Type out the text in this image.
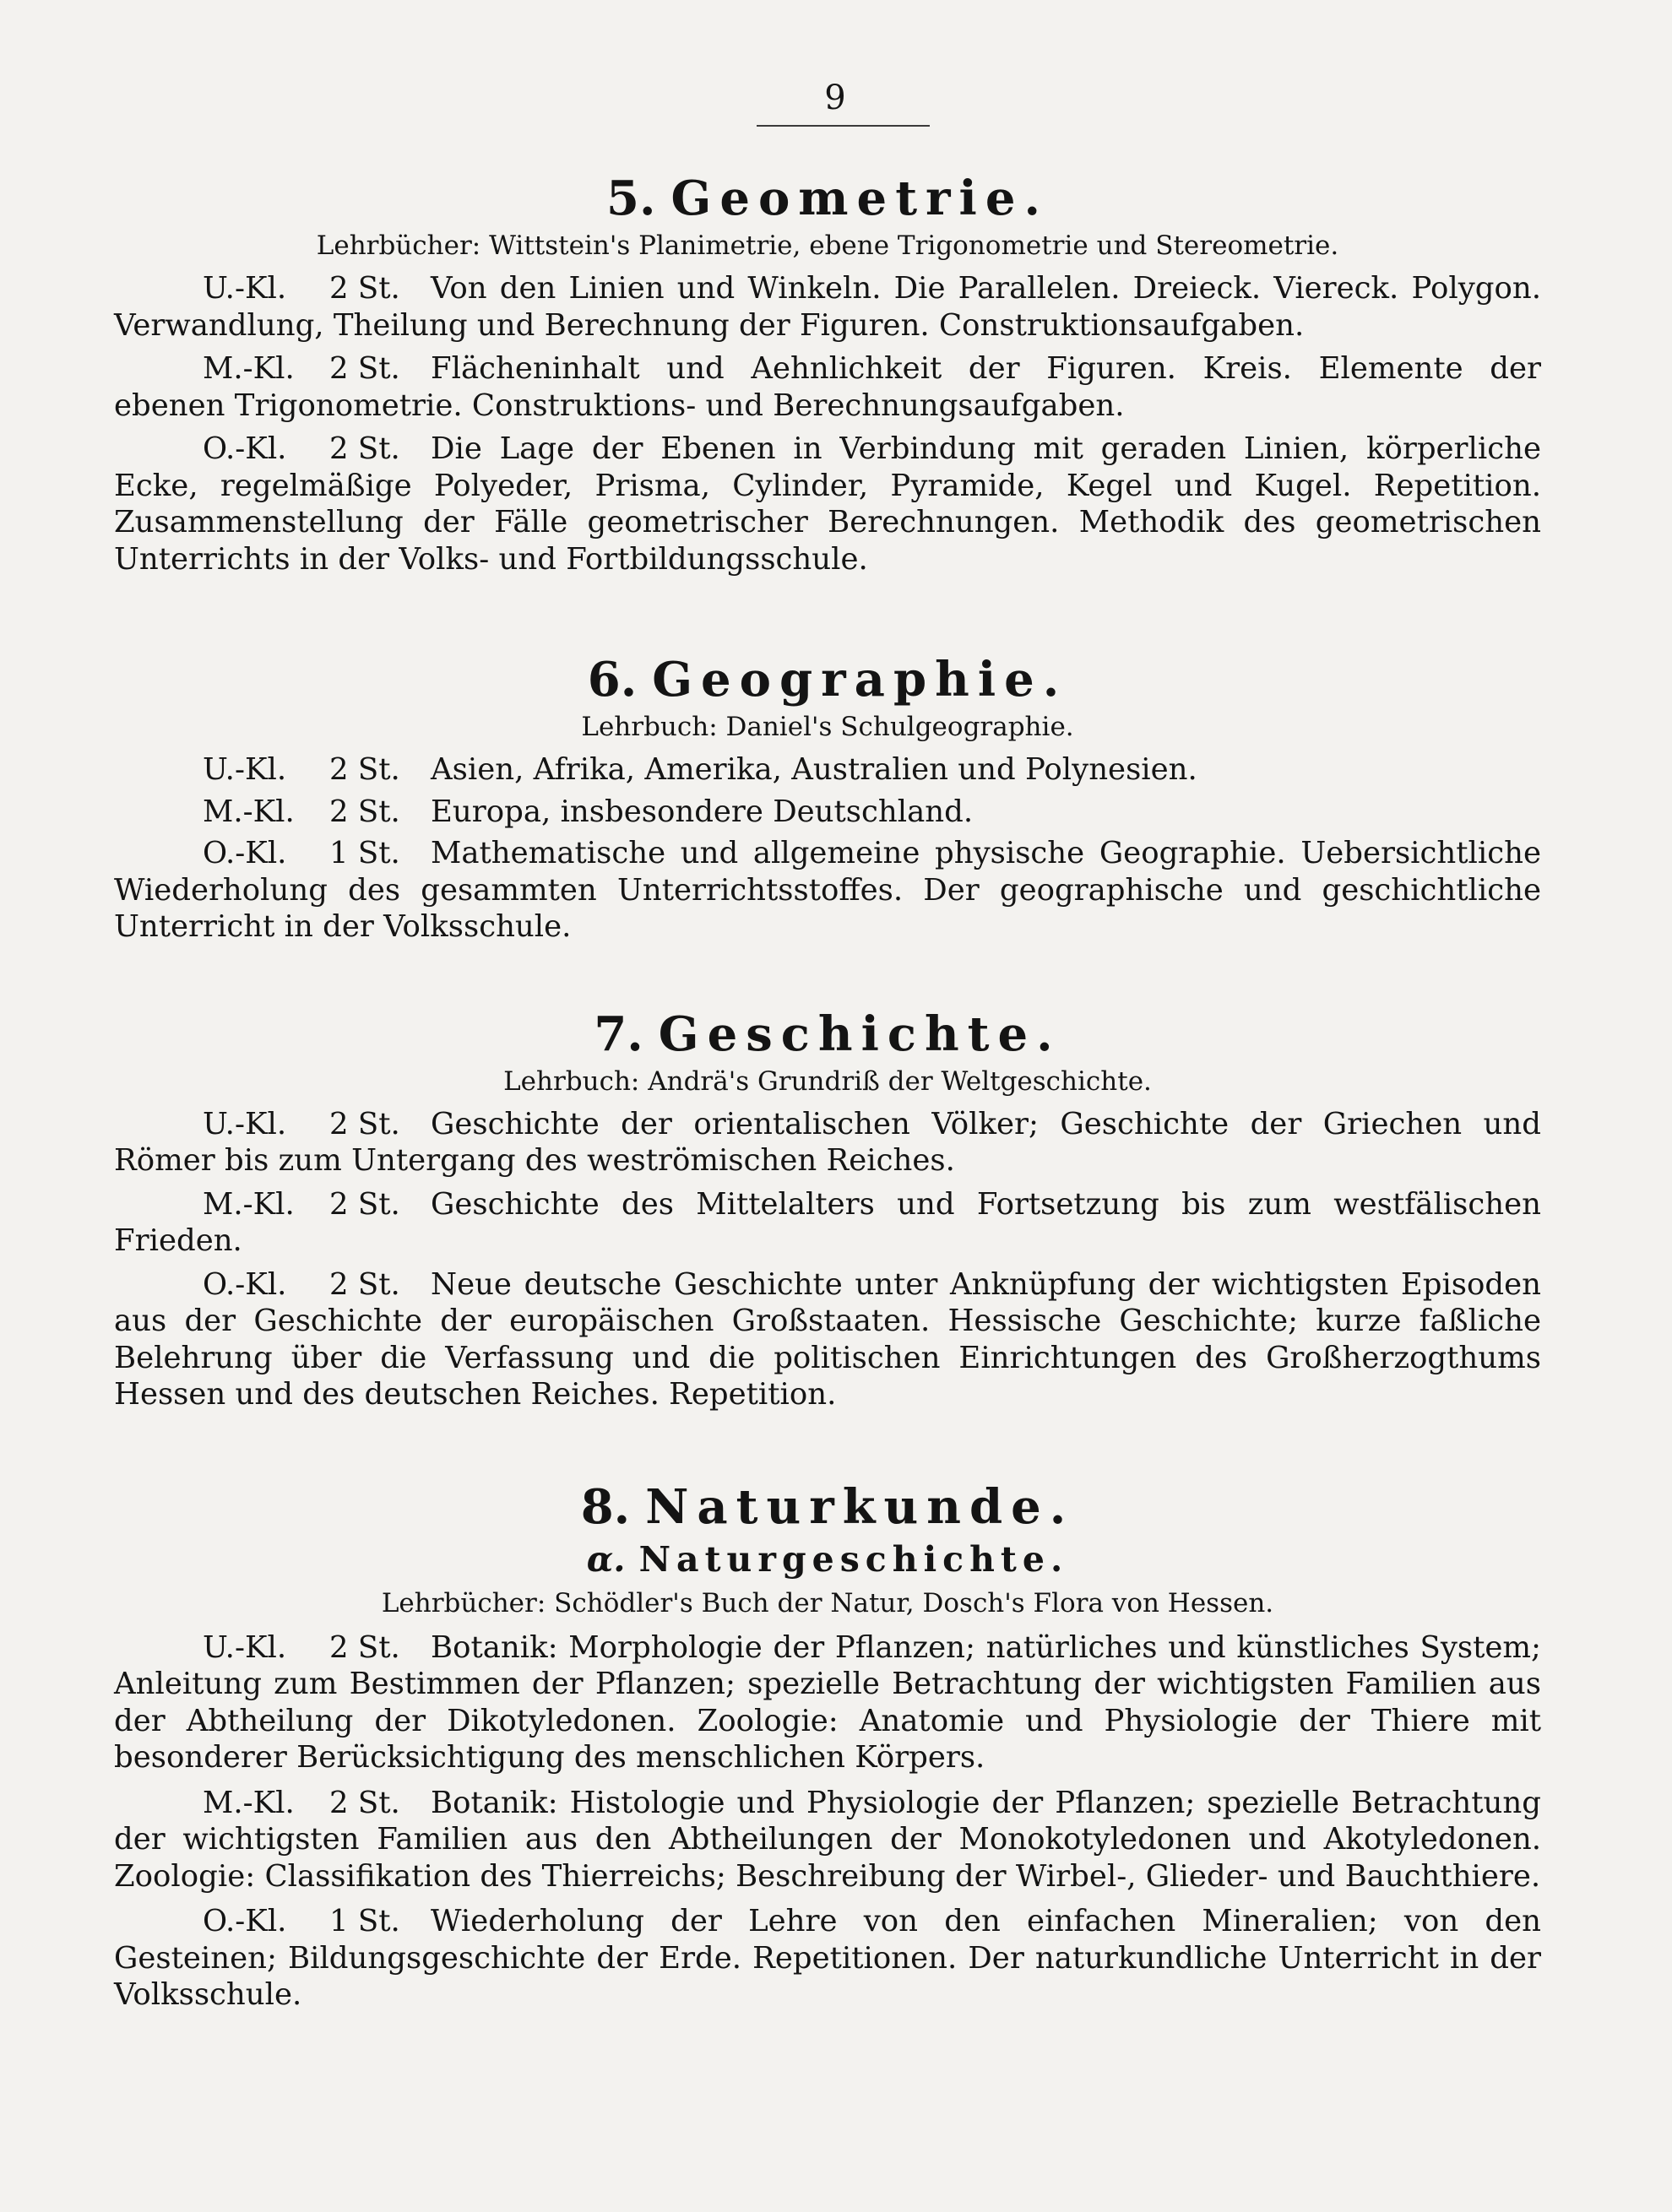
9
5. Geometrie.

Lehrbücher: Wittstein's Planimetrie, ebene Trigonometrie und Stereometrie.

U.-Kl. 2 St. Von den Linien und Winkeln. Die Parallelen. Dreieck. Viereck. Polygon. Verwandlung, Theilung und Berechnung der Figuren. Construktionsaufgaben.

M.-Kl. 2 St. Flächeninhalt und Aehnlichkeit der Figuren. Kreis. Elemente der ebenen Trigonometrie. Construktions- und Berechnungsaufgaben.

O.-Kl. 2 St. Die Lage der Ebenen in Verbindung mit geraden Linien, körperliche Ecke, regelmäßige Polyeder, Prisma, Cylinder, Pyramide, Kegel und Kugel. Repetition. Zusammenstellung der Fälle geometrischer Berechnungen. Methodik des geometrischen Unterrichts in der Volks- und Fortbildungsschule.

6. Geographie.

Lehrbuch: Daniel's Schulgeographie.

U.-Kl. 2 St. Asien, Afrika, Amerika, Australien und Polynesien.

M.-Kl. 2 St. Europa, insbesondere Deutschland.

O.-Kl. 1 St. Mathematische und allgemeine physische Geographie. Uebersichtliche Wiederholung des gesammten Unterrichtsstoffes. Der geographische und geschichtliche Unterricht in der Volksschule.

7. Geschichte.

Lehrbuch: Andrä's Grundriß der Weltgeschichte.

U.-Kl. 2 St. Geschichte der orientalischen Völker; Geschichte der Griechen und Römer bis zum Untergang des weströmischen Reiches.

M.-Kl. 2 St. Geschichte des Mittelalters und Fortsetzung bis zum westfälischen Frieden.

O.-Kl. 2 St. Neue deutsche Geschichte unter Anknüpfung der wichtigsten Episoden aus der Geschichte der europäischen Großstaaten. Hessische Geschichte; kurze faßliche Belehrung über die Verfassung und die politischen Einrichtungen des Großherzogthums Hessen und des deutschen Reiches. Repetition.

8. Naturkunde.
α. Naturgeschichte.

Lehrbücher: Schödler's Buch der Natur, Dosch's Flora von Hessen.

U.-Kl. 2 St. Botanik: Morphologie der Pflanzen; natürliches und künstliches System; Anleitung zum Bestimmen der Pflanzen; spezielle Betrachtung der wichtigsten Familien aus der Abtheilung der Dikotyledonen. Zoologie: Anatomie und Physiologie der Thiere mit besonderer Berücksichtigung des menschlichen Körpers.

M.-Kl. 2 St. Botanik: Histologie und Physiologie der Pflanzen; spezielle Betrachtung der wichtigsten Familien aus den Abtheilungen der Monokotyledonen und Akotyledonen. Zoologie: Classifikation des Thierreichs; Beschreibung der Wirbel-, Glieder- und Bauchthiere.

O.-Kl. 1 St. Wiederholung der Lehre von den einfachen Mineralien; von den Gesteinen; Bildungsgeschichte der Erde. Repetitionen. Der naturkundliche Unterricht in der Volksschule.
